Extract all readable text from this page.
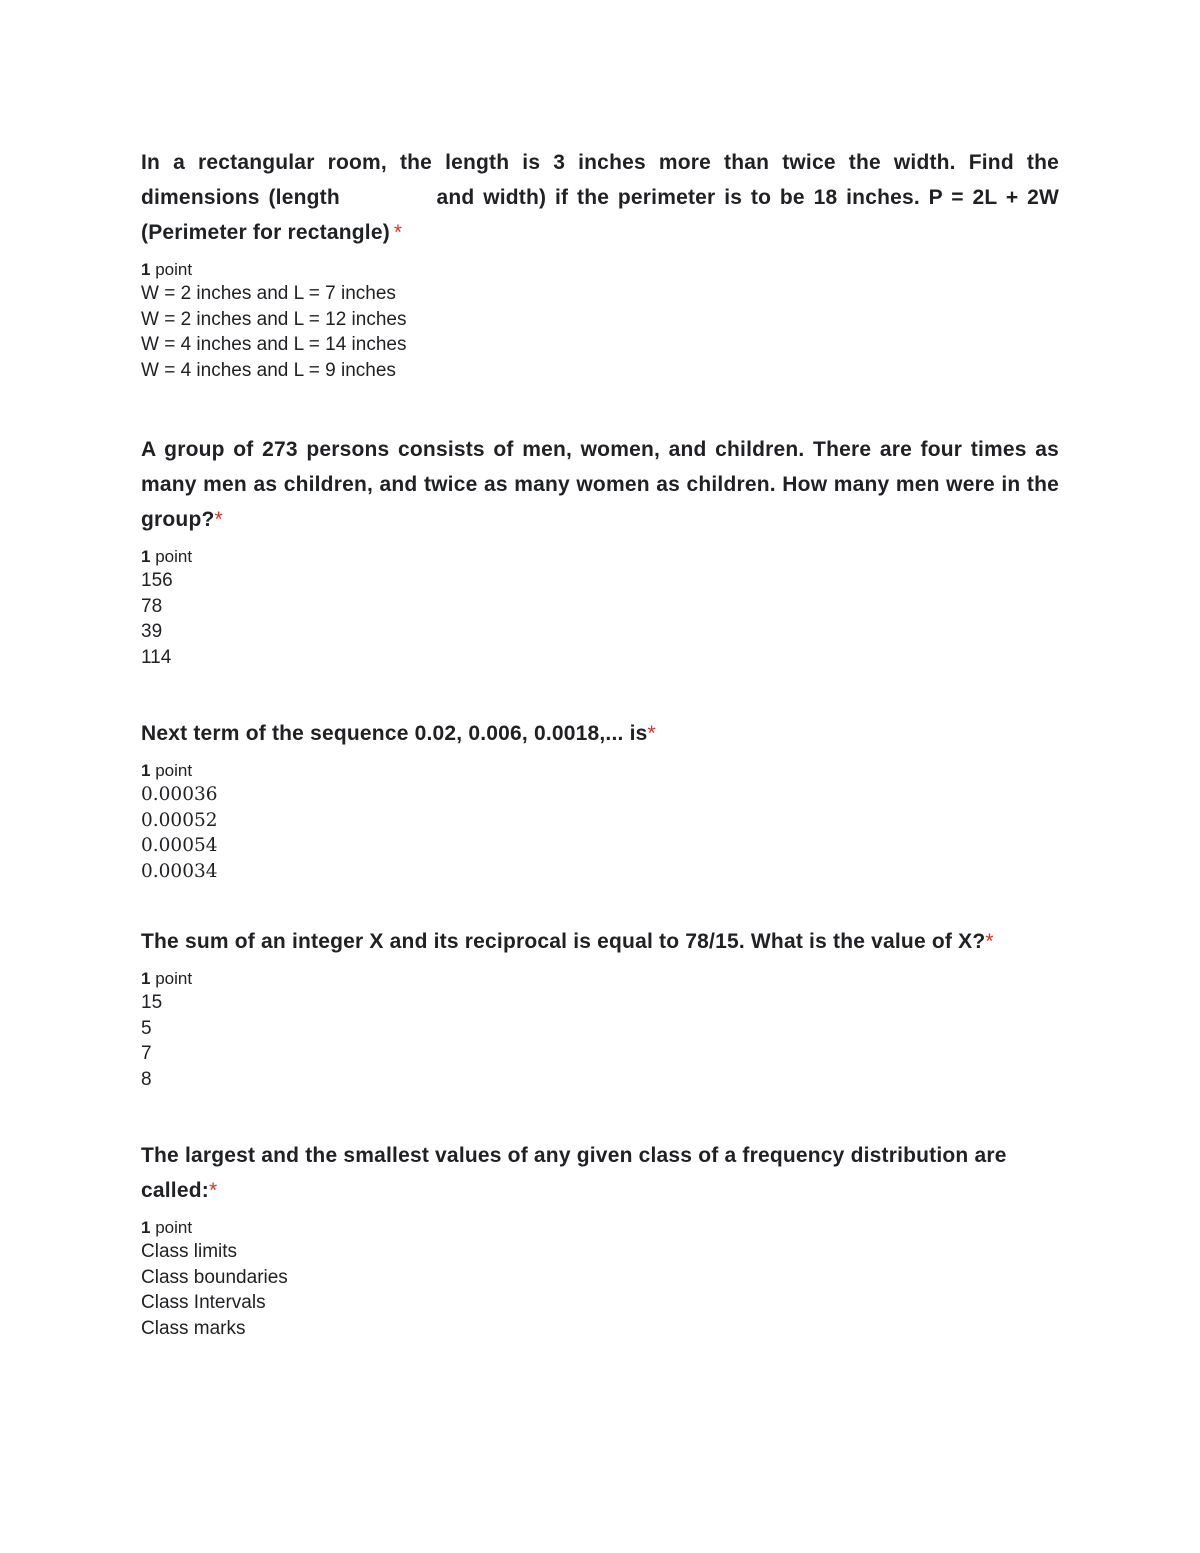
In a rectangular room, the length is 3 inches more than twice the width. Find the dimensions (length           and width) if the perimeter is to be 18 inches. P = 2L + 2W (Perimeter for rectangle) *

1 point
W = 2 inches and L = 7 inches
W = 2 inches and L = 12 inches
W = 4 inches and L = 14 inches
W = 4 inches and L = 9 inches

A group of 273 persons consists of men, women, and children. There are four times as many men as children, and twice as many women as children. How many men were in the group?*

1 point
156
78
39
114

Next term of the sequence 0.02, 0.006, 0.0018,... is*

1 point
0.00036
0.00052
0.00054
0.00034

The sum of an integer X and its reciprocal is equal to 78/15. What is the value of X?*

1 point
15
5
7
8

The largest and the smallest values of any given class of a frequency distribution are called:*

1 point
Class limits
Class boundaries
Class Intervals
Class marks
